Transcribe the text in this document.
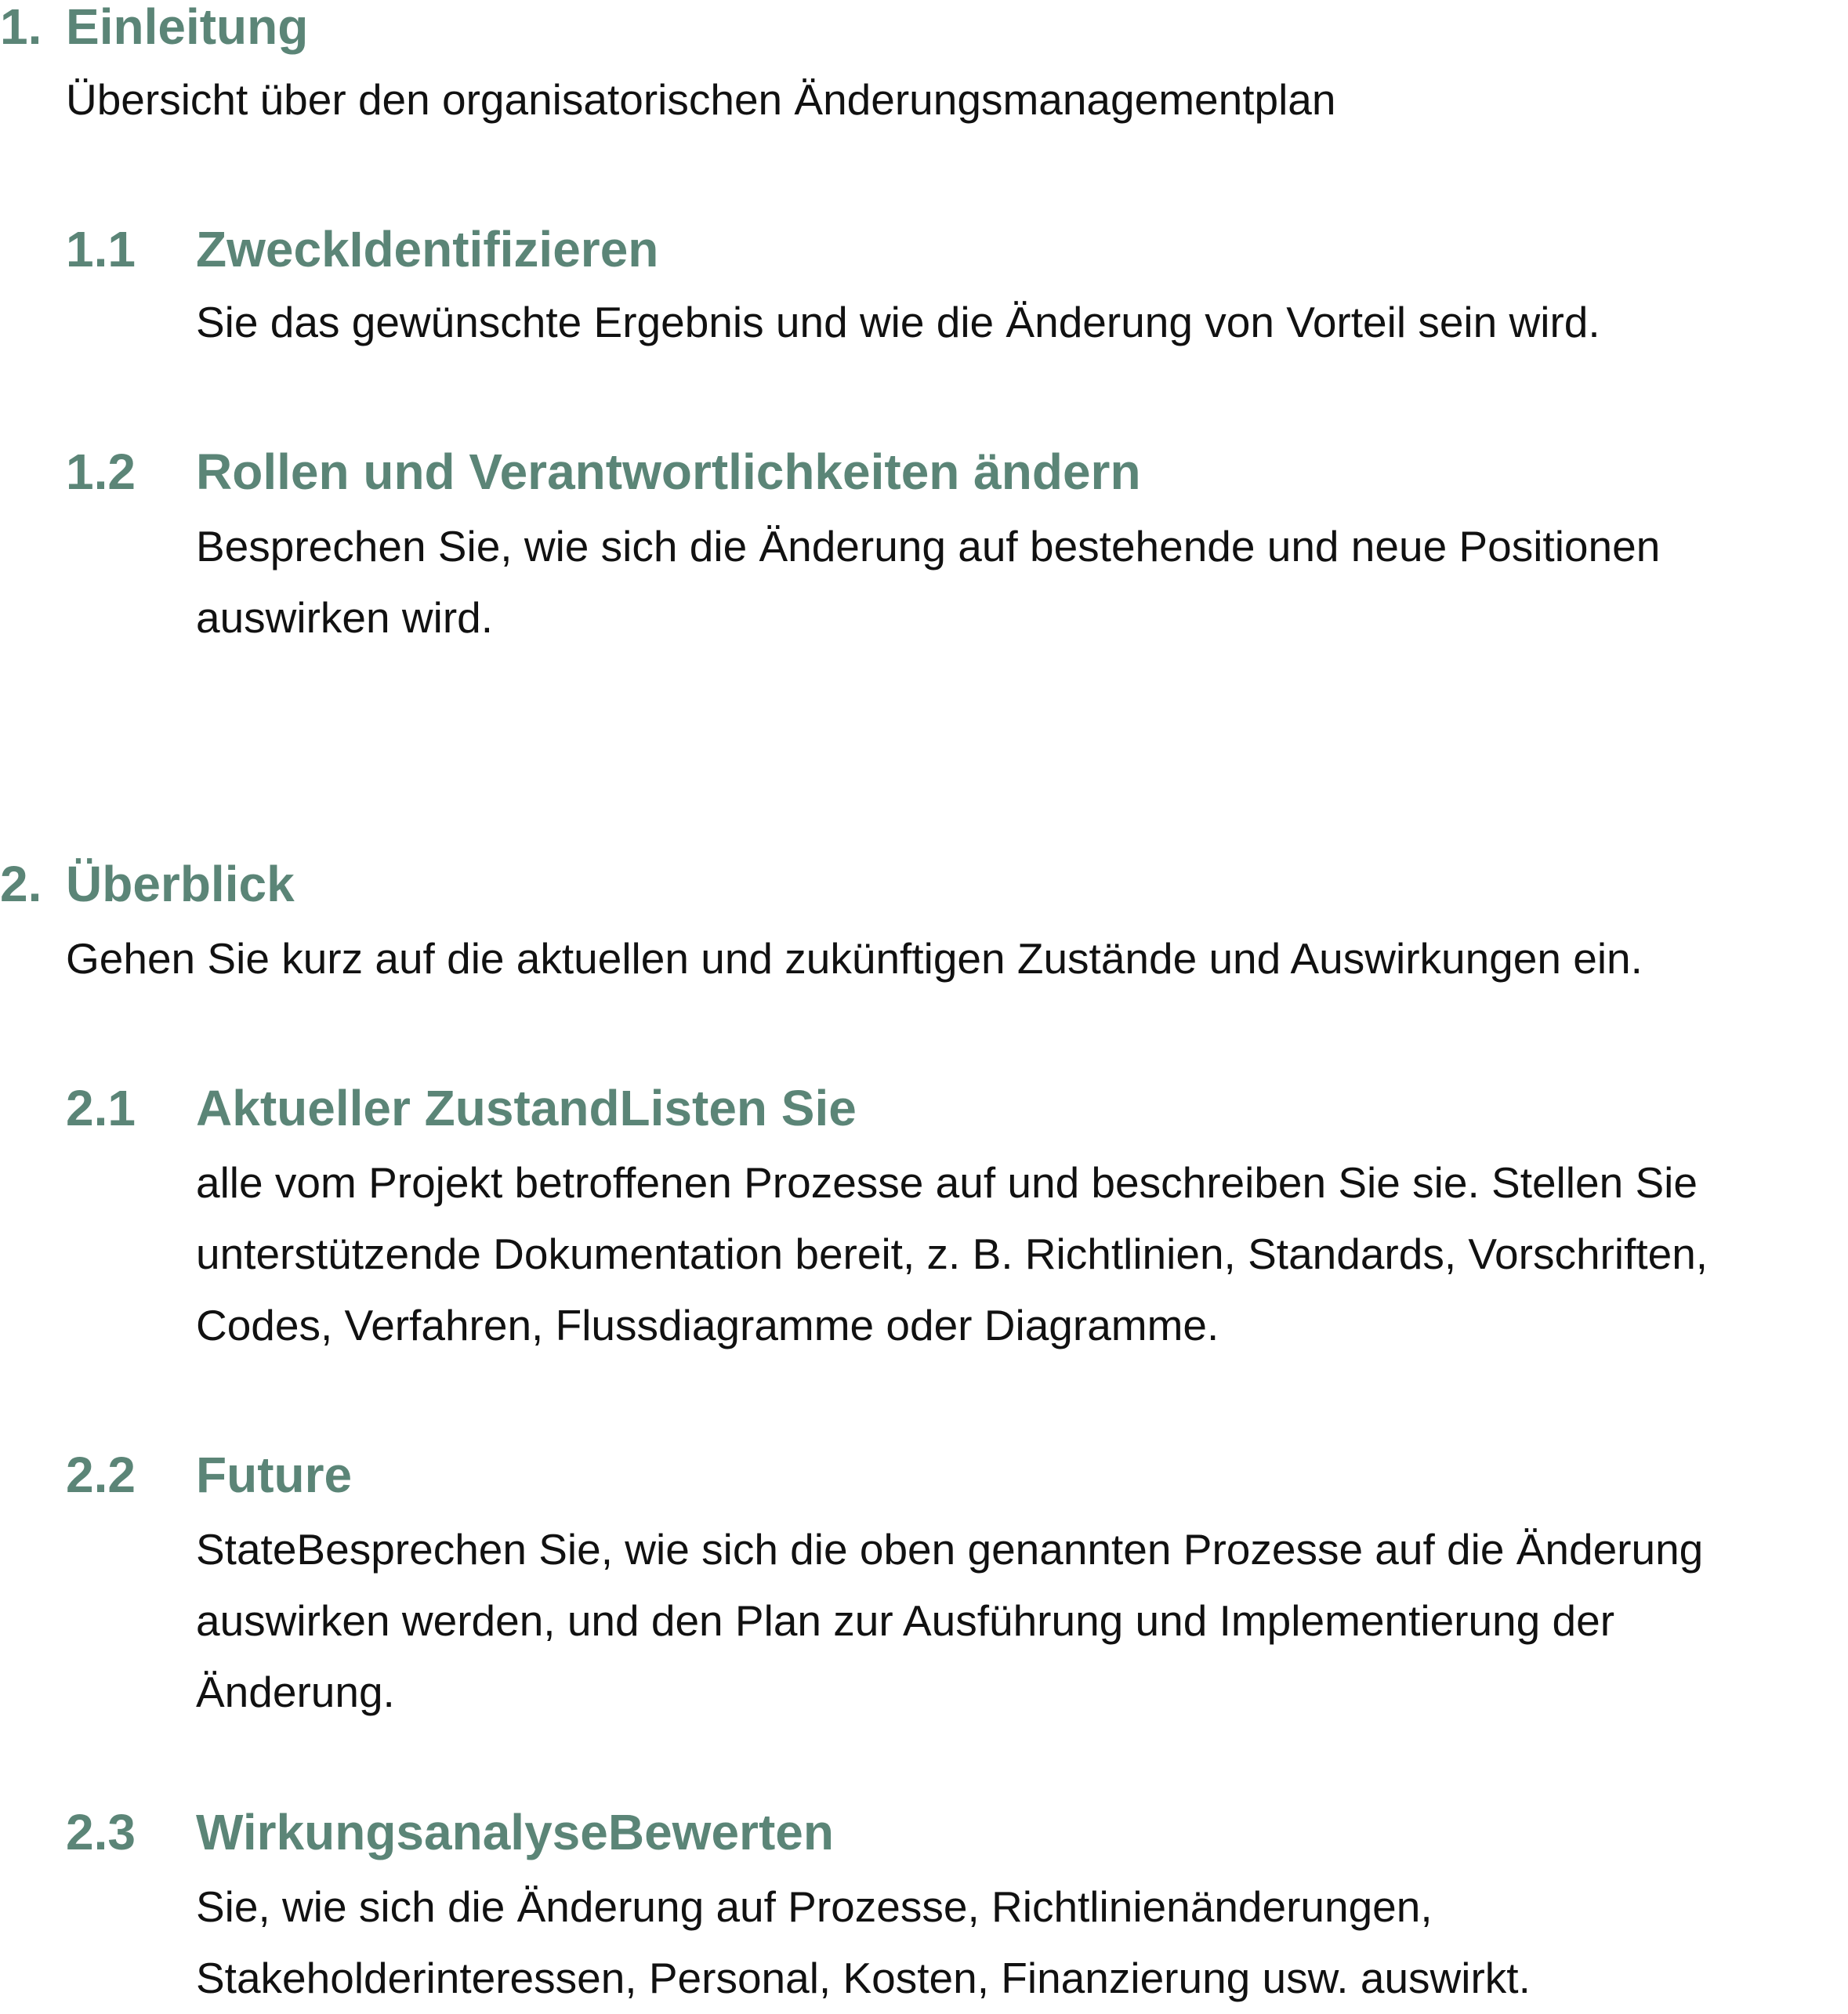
1. Einleitung
Übersicht über den organisatorischen Änderungsmanagementplan
1.1 ZweckIdentifizieren
Sie das gewünschte Ergebnis und wie die Änderung von Vorteil sein wird.
1.2 Rollen und Verantwortlichkeiten ändern
Besprechen Sie, wie sich die Änderung auf bestehende und neue Positionen
auswirken wird.
2. Überblick
Gehen Sie kurz auf die aktuellen und zukünftigen Zustände und Auswirkungen ein.
2.1 Aktueller ZustandListen Sie
alle vom Projekt betroffenen Prozesse auf und beschreiben Sie sie. Stellen Sie
unterstützende Dokumentation bereit, z. B. Richtlinien, Standards, Vorschriften,
Codes, Verfahren, Flussdiagramme oder Diagramme.
2.2 Future
StateBesprechen Sie, wie sich die oben genannten Prozesse auf die Änderung
auswirken werden, und den Plan zur Ausführung und Implementierung der
Änderung.
2.3 WirkungsanalyseBewerten
Sie, wie sich die Änderung auf Prozesse, Richtlinienänderungen,
Stakeholderinteressen, Personal, Kosten, Finanzierung usw. auswirkt.
